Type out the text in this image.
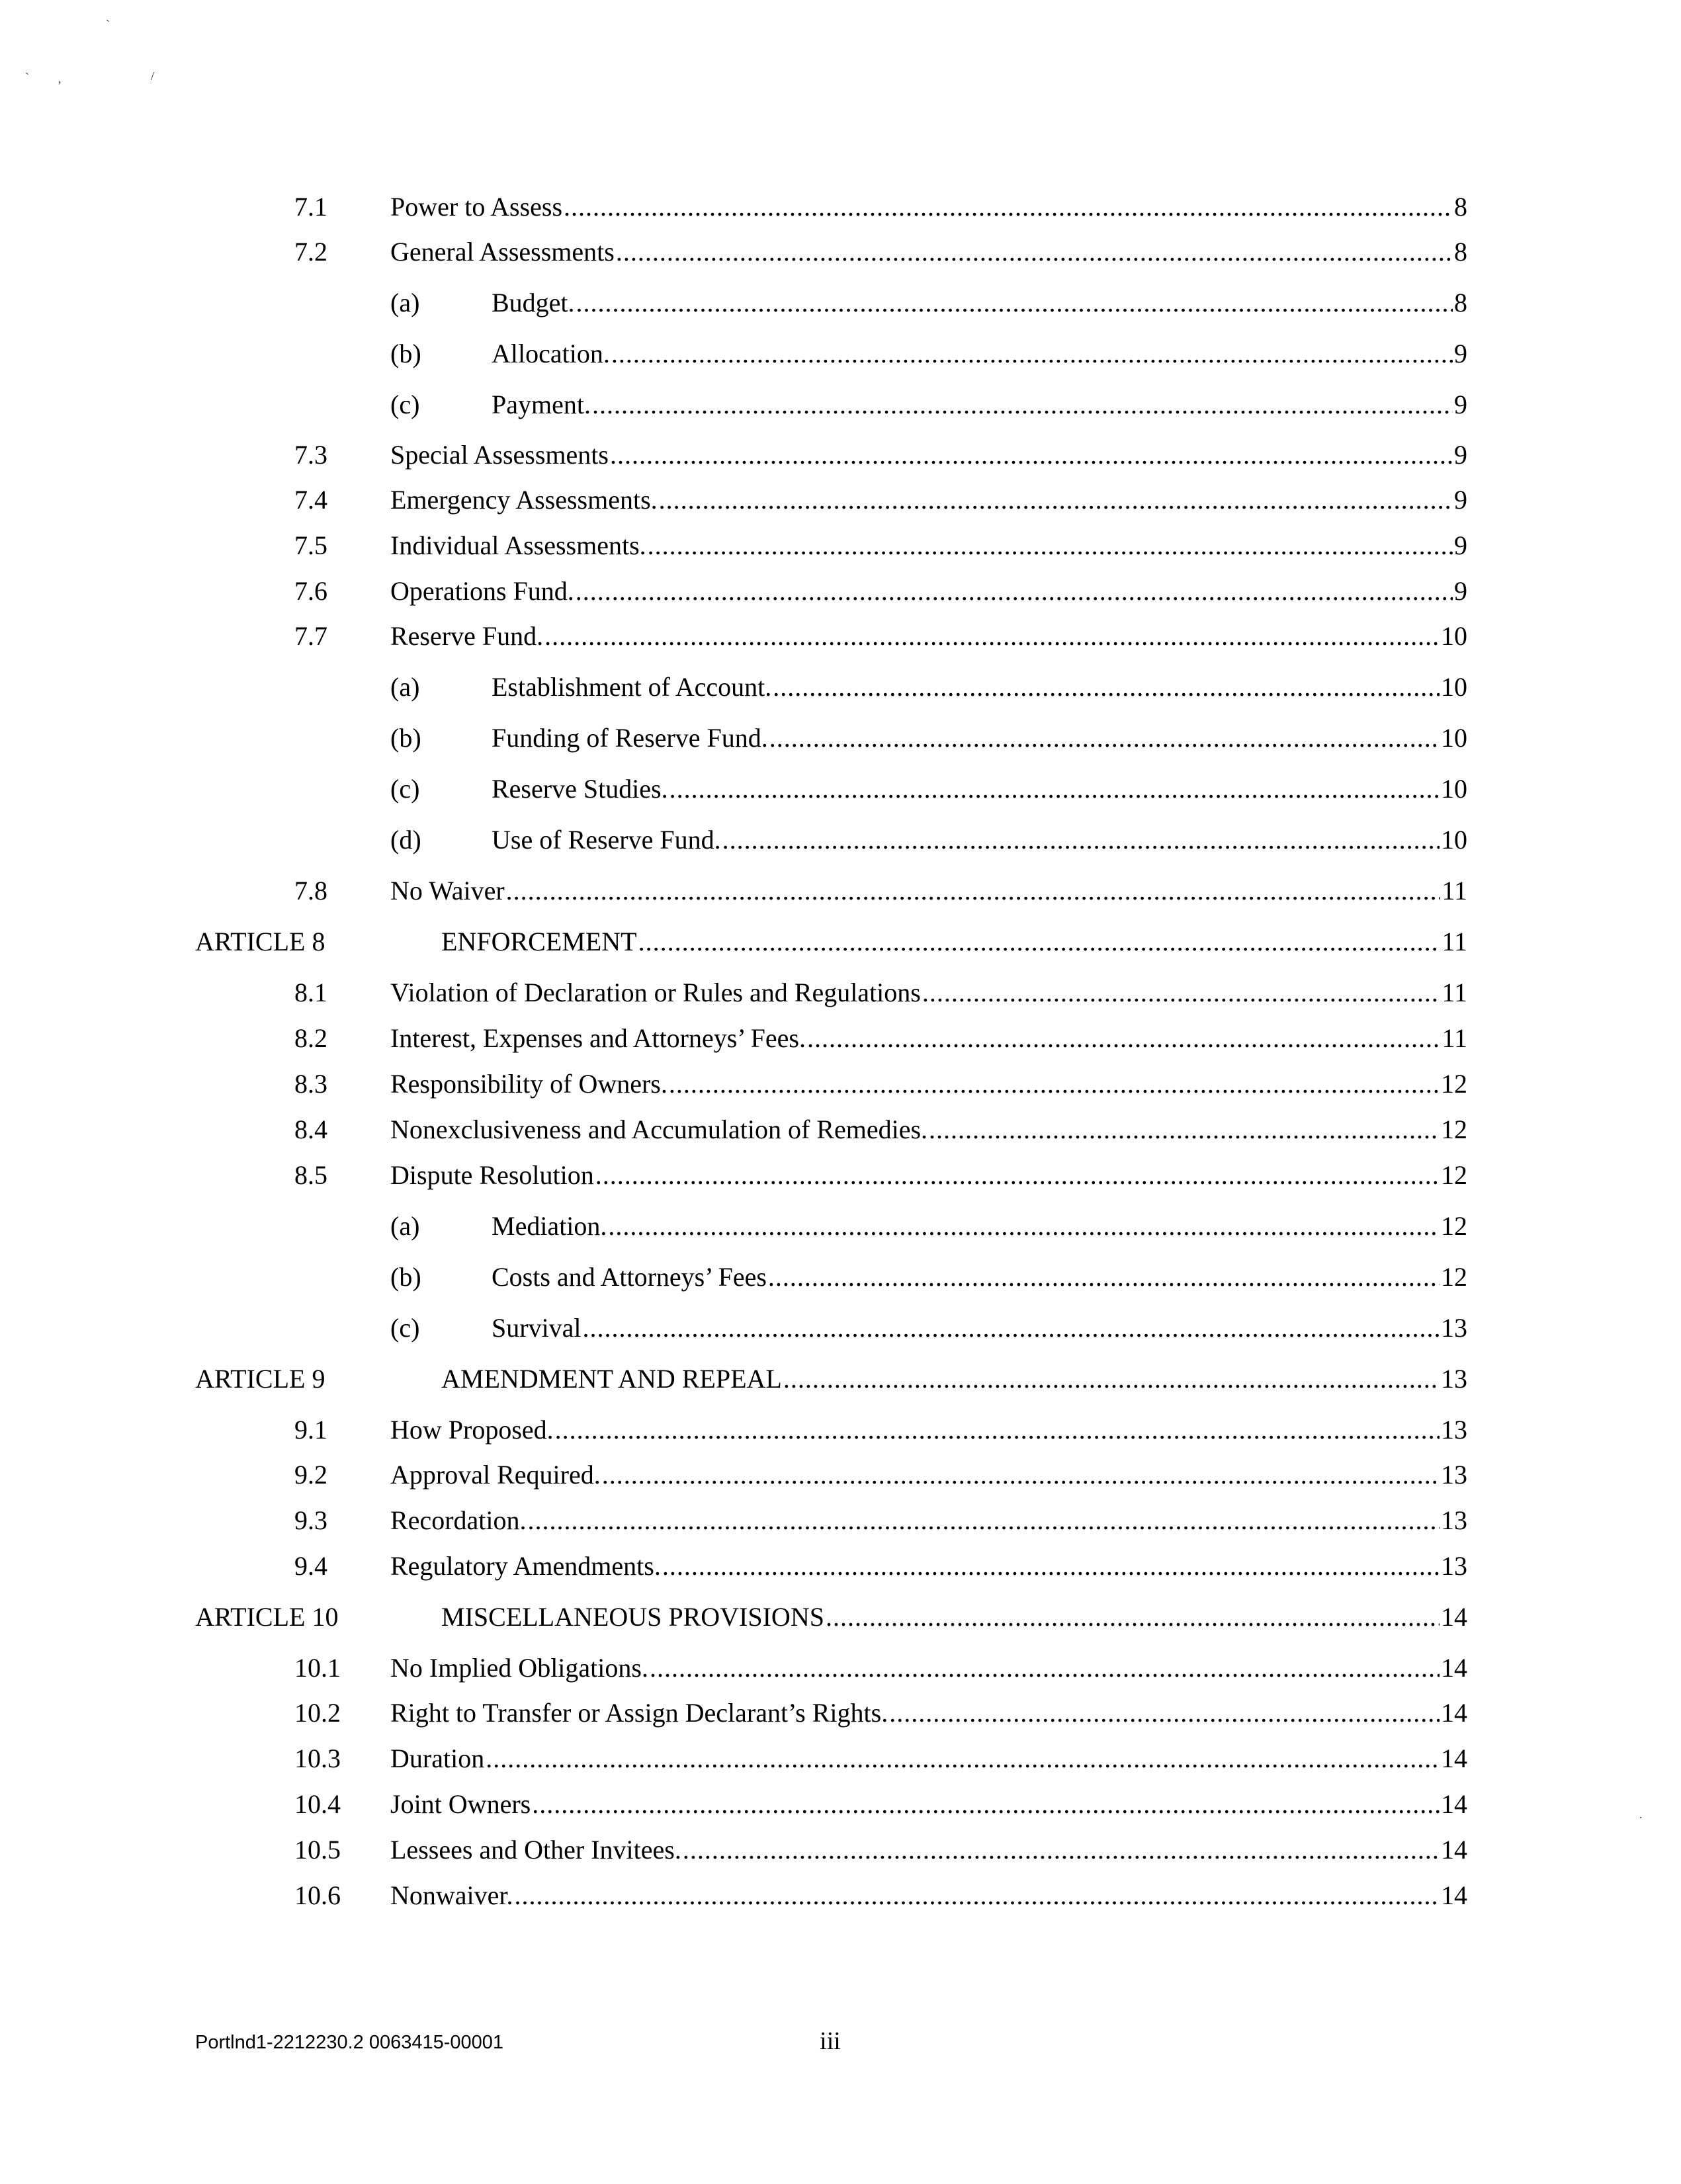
`
` ,	/
.
7.1 Power to Assess .....	8
7.2 General Assessments .....	8
(a)	Budget. .....	8
(b)	Allocation. .....	9
(c)	Payment. .....	9
7.3 Special Assessments .....	9
7.4 Emergency Assessments. .....	9
7.5 Individual Assessments. .....	9
7.6 Operations Fund. .....	9
7.7 Reserve Fund. .....	10
(a)	Establishment of Account. .....	10
(b)	Funding of Reserve Fund. .....	10
(c)	Reserve Studies. .....	10
(d)	Use of Reserve Fund. .....	10
7.8 No Waiver .....	11
ARTICLE 8	ENFORCEMENT .....	11
8.1 Violation of Declaration or Rules and Regulations .....	11
8.2 Interest, Expenses and Attorneys’ Fees. .....	11
8.3 Responsibility of Owners. .....	12
8.4 Nonexclusiveness and Accumulation of Remedies. .....	12
8.5 Dispute Resolution .....	12
(a)	Mediation. .....	12
(b)	Costs and Attorneys’ Fees .....	12
(c)	Survival .....	13
ARTICLE 9	AMENDMENT AND REPEAL .....	13
9.1 How Proposed. .....	13
9.2 Approval Required. .....	13
9.3 Recordation. .....	13
9.4 Regulatory Amendments. .....	13
ARTICLE 10	MISCELLANEOUS PROVISIONS .....	14
10.1 No Implied Obligations. .....	14
10.2 Right to Transfer or Assign Declarant’s Rights. .....	14
10.3 Duration .....	14
10.4 Joint Owners .....	14
10.5 Lessees and Other Invitees. .....	14
10.6 Nonwaiver. .....	14
Portlnd1-2212230.2 0063415-00001	iii
